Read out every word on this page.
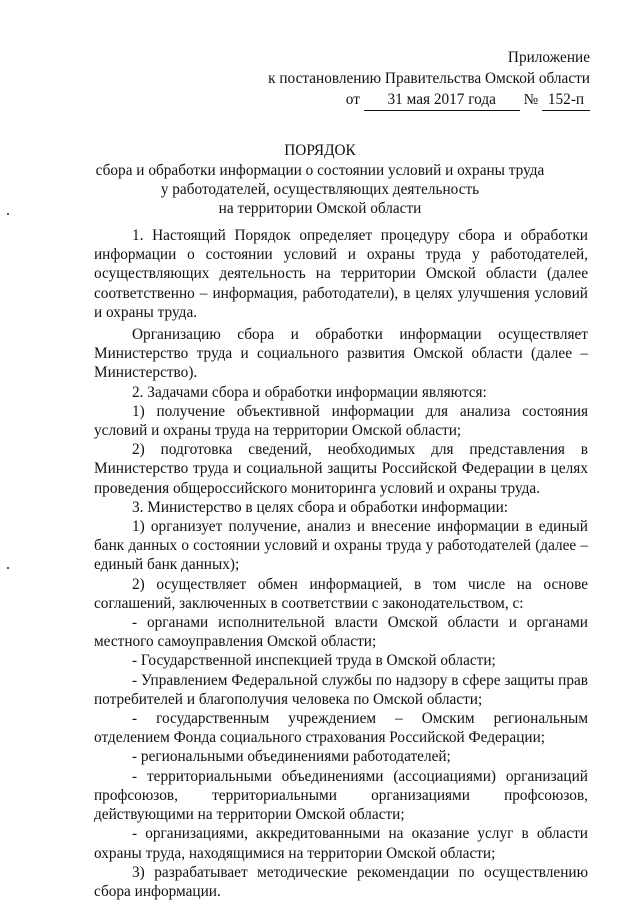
Приложение
к постановлению Правительства Омской области
от 31 мая 2017 года № 152-п
ПОРЯДОК
сбора и обработки информации о состоянии условий и охраны труда
у работодателей, осуществляющих деятельность
на территории Омской области

1. Настоящий Порядок определяет процедуру сбора и обработки информации о состоянии условий и охраны труда у работодателей, осуществляющих деятельность на территории Омской области (далее соответственно – информация, работодатели), в целях улучшения условий и охраны труда.

Организацию сбора и обработки информации осуществляет Министерство труда и социального развития Омской области (далее – Министерство).

2. Задачами сбора и обработки информации являются:

1) получение объективной информации для анализа состояния условий и охраны труда на территории Омской области;

2) подготовка сведений, необходимых для представления в Министерство труда и социальной защиты Российской Федерации в целях проведения общероссийского мониторинга условий и охраны труда.

3. Министерство в целях сбора и обработки информации:

1) организует получение, анализ и внесение информации в единый банк данных о состоянии условий и охраны труда у работодателей (далее – единый банк данных);

2) осуществляет обмен информацией, в том числе на основе соглашений, заключенных в соответствии с законодательством, с:

- органами исполнительной власти Омской области и органами местного самоуправления Омской области;

- Государственной инспекцией труда в Омской области;

- Управлением Федеральной службы по надзору в сфере защиты прав потребителей и благополучия человека по Омской области;

- государственным учреждением – Омским региональным отделением Фонда социального страхования Российской Федерации;

- региональными объединениями работодателей;

- территориальными объединениями (ассоциациями) организаций профсоюзов, территориальными организациями профсоюзов, действующими на территории Омской области;

- организациями, аккредитованными на оказание услуг в области охраны труда, находящимися на территории Омской области;

3) разрабатывает методические рекомендации по осуществлению сбора информации.
